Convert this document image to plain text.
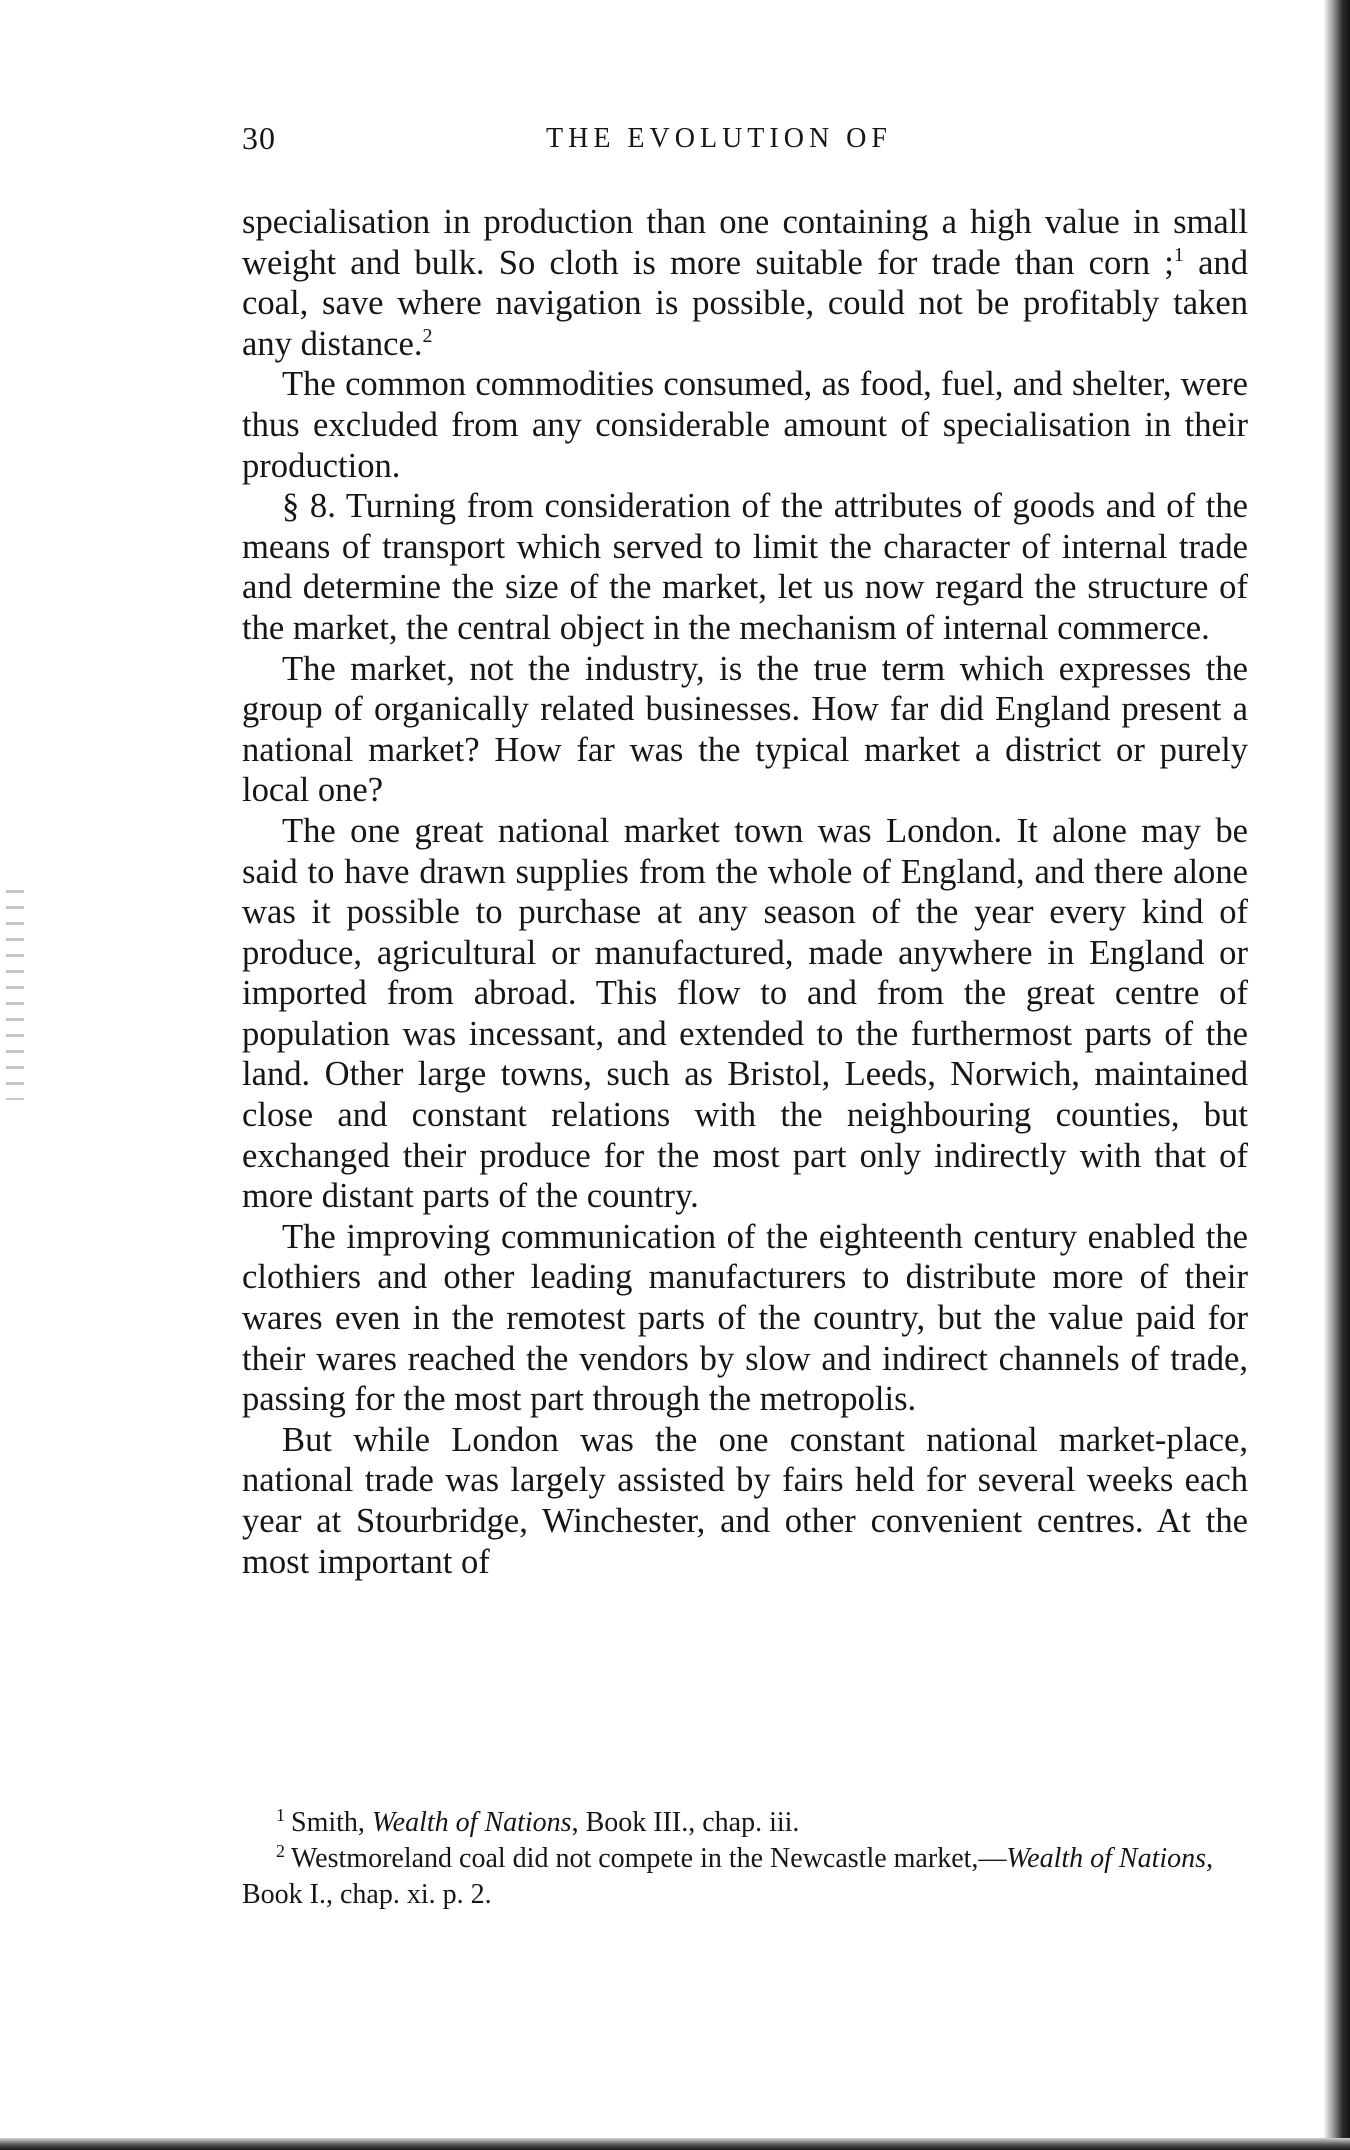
30	THE EVOLUTION OF

specialisation in production than one containing a high value in small weight and bulk. So cloth is more suitable for trade than corn ;$^1$ and coal, save where navigation is possible, could not be profitably taken any distance.$^2$

The common commodities consumed, as food, fuel, and shelter, were thus excluded from any considerable amount of specialisation in their production.

§ 8. Turning from consideration of the attributes of goods and of the means of transport which served to limit the character of internal trade and determine the size of the market, let us now regard the structure of the market, the central object in the mechanism of internal commerce.

The market, not the industry, is the true term which expresses the group of organically related businesses. How far did England present a national market? How far was the typical market a district or purely local one?

The one great national market town was London. It alone may be said to have drawn supplies from the whole of England, and there alone was it possible to purchase at any season of the year every kind of produce, agricultural or manufactured, made anywhere in England or imported from abroad. This flow to and from the great centre of population was incessant, and extended to the furthermost parts of the land. Other large towns, such as Bristol, Leeds, Norwich, maintained close and constant relations with the neighbouring counties, but exchanged their produce for the most part only indirectly with that of more distant parts of the country.

The improving communication of the eighteenth century enabled the clothiers and other leading manufacturers to distribute more of their wares even in the remotest parts of the country, but the value paid for their wares reached the vendors by slow and indirect channels of trade, passing for the most part through the metropolis.

But while London was the one constant national market-place, national trade was largely assisted by fairs held for several weeks each year at Stourbridge, Winchester, and other convenient centres. At the most important of

$^1$ Smith, Wealth of Nations, Book III., chap. iii.

$^2$ Westmoreland coal did not compete in the Newcastle market,—Wealth of Nations, Book I., chap. xi. p. 2.
